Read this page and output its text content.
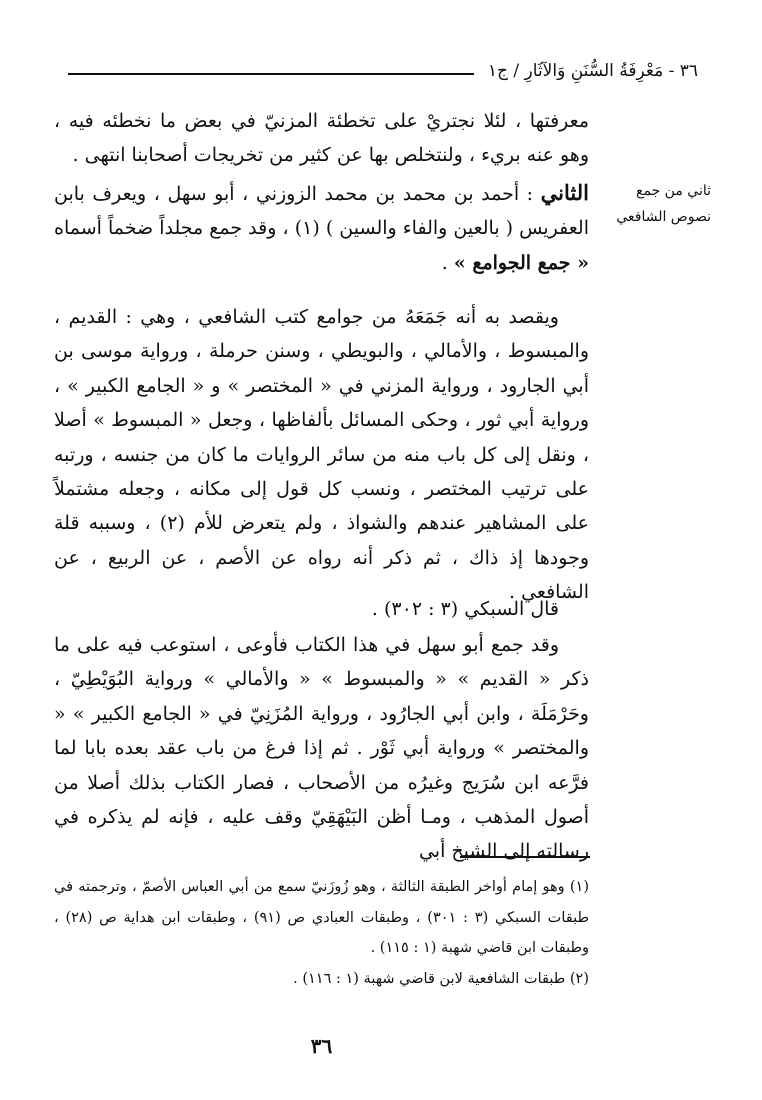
٣٦ - مَعْرِفَةُ السُّنَنِ وَالآثَارِ / ج١

معرفتها ، لئلا نجتريْ على تخطئة المزنيّ في بعض ما نخطئه فيه ، وهو عنه بريء ، ولنتخلص بها عن كثير من تخريجات أصحابنا انتهى .

ثاني من جمع نصوص الشافعي

الثاني : أحمد بن محمد بن محمد الزوزني ، أبو سهل ، ويعرف بابن العفريس ( بالعين والفاء والسين ) (١) ، وقد جمع مجلداً ضخماً أسماه « جمع الجوامع » .

ويقصد به أنه جَمَعَهُ من جوامع كتب الشافعي ، وهي : القديم ، والمبسوط ، والأمالي ، والبويطي ، وسنن حرملة ، ورواية موسى بن أبي الجارود ، ورواية المزني في « المختصر » و « الجامع الكبير » ، ورواية أبي ثور ، وحكى المسائل بألفاظها ، وجعل « المبسوط » أصلا ، ونقل إلى كل باب منه من سائر الروايات ما كان من جنسه ، ورتبه على ترتيب المختصر ، ونسب كل قول إلى مكانه ، وجعله مشتملاً على المشاهير عندهم والشواذ ، ولم يتعرض للأم (٢) ، وسببه قلة وجودها إذ ذاك ، ثم ذكر أنه رواه عن الأصم ، عن الربيع ، عن الشافعي .

قال السبكي (٣ : ٣٠٢) .

وقد جمع أبو سهل في هذا الكتاب فأوعى ، استوعب فيه على ما ذكر « القديم » « والمبسوط » « والأمالي » ورواية البُوَيْطِيّ ، وحَرْمَلَة ، وابن أبي الجارُود ، ورواية المُزَنِيّ في « الجامع الكبير » « والمختصر » ورواية أبي ثَوْر . ثم إذا فرغ من باب عقد بعده بابا لما فرَّعه ابن سُرَيج وغيرُه من الأصحاب ، فصار الكتاب بذلك أصلا من أصول المذهب ، ومـا أظن البَيْهَقِيّ وقف عليه ، فإنه لم يذكره في رسالته إلى الشيخ أبي

(١) وهو إمام أواخر الطبقة الثالثة ، وهو زُوزَنيّ سمع من أبي العباس الأصمّ ، وترجمته في طبقات السبكي (٣ : ٣٠١) ، وطبقات العبادي ص (٩١) ، وطبقات ابن هداية ص (٢٨) ، وطبقات ابن قاضي شهبة (١ : ١١٥) .

(٢) طبقات الشافعية لابن قاضي شهبة (١ : ١١٦) .

٣٦
